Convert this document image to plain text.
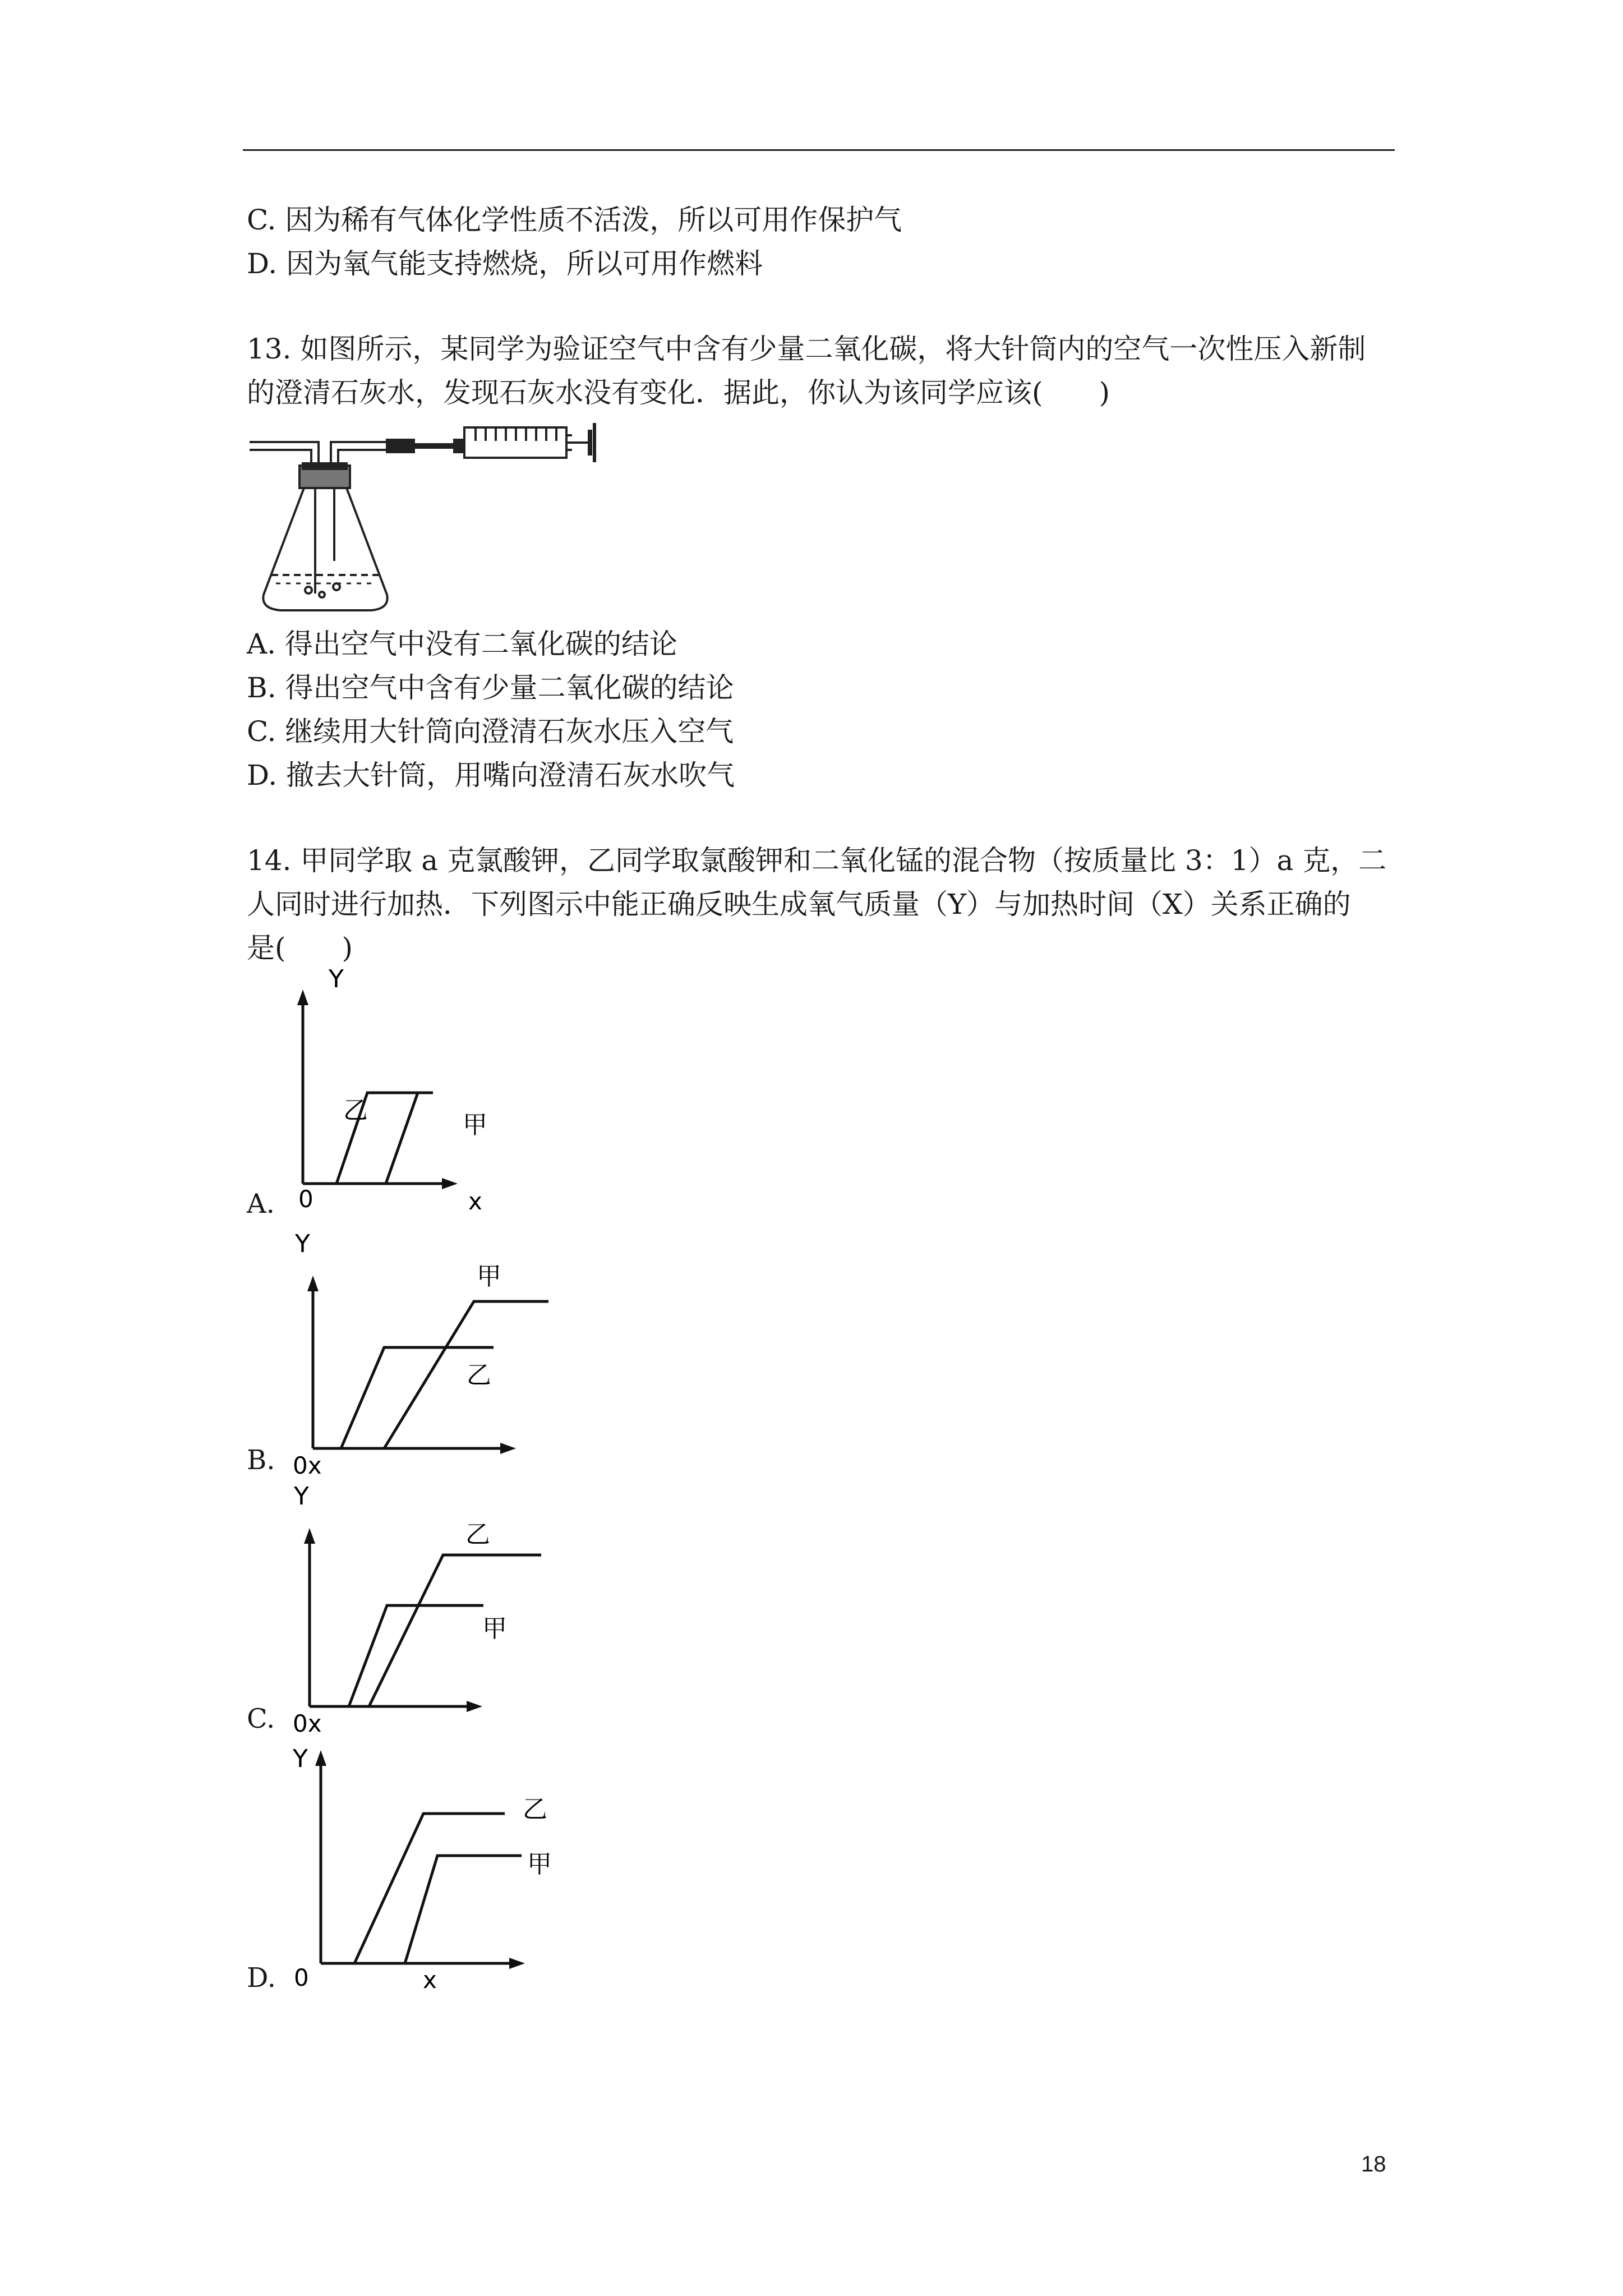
C. 因为稀有气体化学性质不活泼，所以可用作保护气
D. 因为氧气能支持燃烧，所以可用作燃料
13. 如图所示，某同学为验证空气中含有少量二氧化碳，将大针筒内的空气一次性压入新制
的澄清石灰水，发现石灰水没有变化．据此，你认为该同学应该(　　)
A. 得出空气中没有二氧化碳的结论
B. 得出空气中含有少量二氧化碳的结论
C. 继续用大针筒向澄清石灰水压入空气
D. 撤去大针筒，用嘴向澄清石灰水吹气
14. 甲同学取 a 克氯酸钾，乙同学取氯酸钾和二氧化锰的混合物（按质量比 3：1）a 克，二
人同时进行加热．下列图示中能正确反映生成氧气质量（Y）与加热时间（X）关系正确的
是(　　)
A.
Y
0	x
乙
甲
B.
Y
0x
甲
乙
C.
Y
0x
乙
甲
D.
Y
0	x
乙
甲
18
